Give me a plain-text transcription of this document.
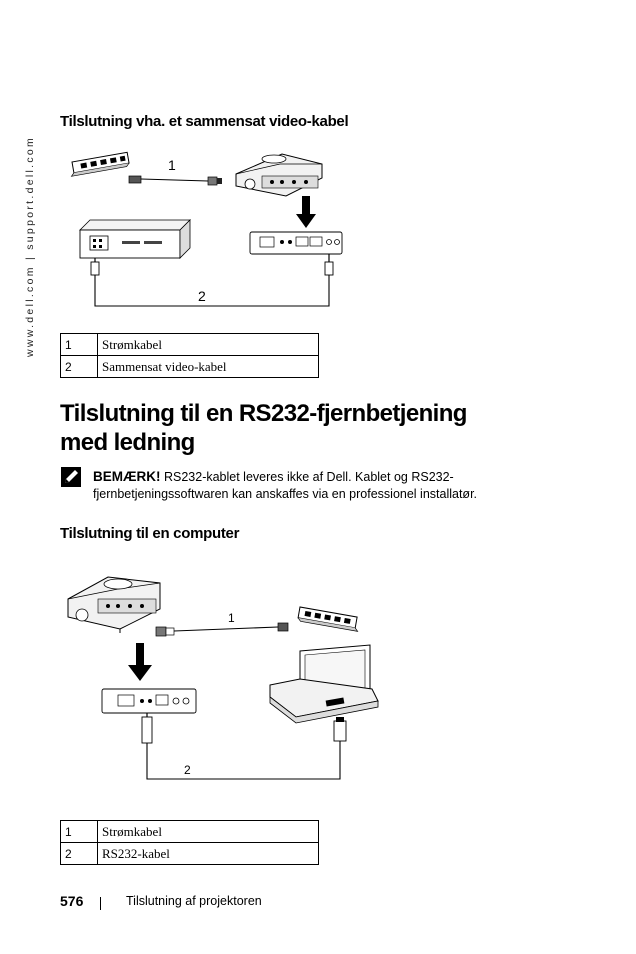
www.dell.com | support.dell.com
Tilslutning vha. et sammensat video-kabel
1
2
1	Strømkabel
2	Sammensat video-kabel
Tilslutning til en RS232-fjernbetjening
med ledning
BEMÆRK! RS232-kablet leveres ikke af Dell. Kablet og RS232-fjernbetjeningssoftwaren kan anskaffes via en professionel installatør.
Tilslutning til en computer
1
2
1	Strømkabel
2	RS232-kabel
576	Tilslutning af projektoren
